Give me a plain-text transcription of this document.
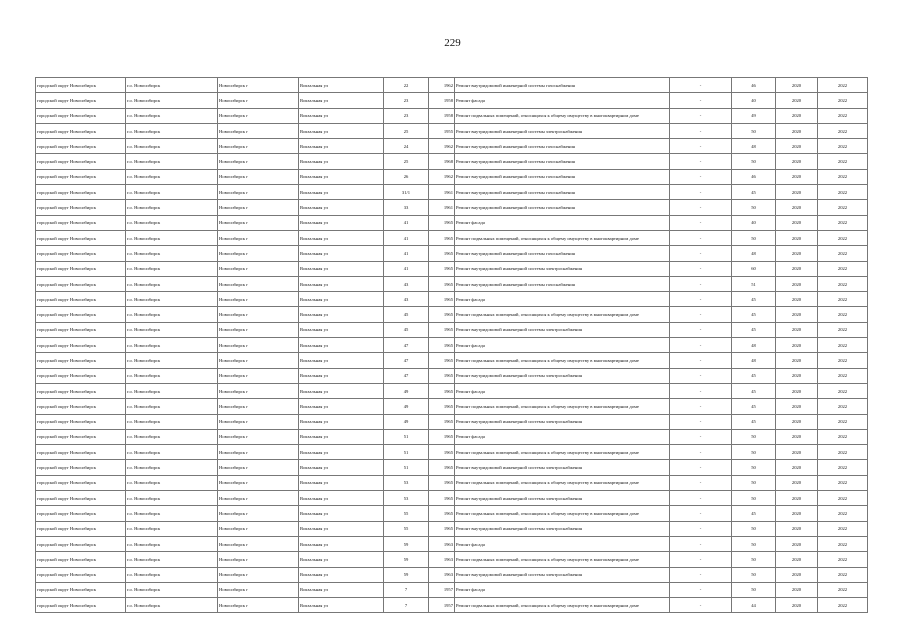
229
городской округ Новосибирск	г.о. Новосибирск	Новосибирск г	Вокзальная ул	22	1962	Ремонт внутридомовой инженерной системы газоснабжения	-	46	2020	2022
городской округ Новосибирск	г.о. Новосибирск	Новосибирск г	Вокзальная ул	23	1958	Ремонт фасада	-	40	2020	2022
городской округ Новосибирск	г.о. Новосибирск	Новосибирск г	Вокзальная ул	23	1958	Ремонт подвальных помещений, относящихся к общему имуществу в многоквартирном доме	-	49	2020	2022
городской округ Новосибирск	г.о. Новосибирск	Новосибирск г	Вокзальная ул	25	1955	Ремонт внутридомовой инженерной системы электроснабжения	-	50	2020	2022
городской округ Новосибирск	г.о. Новосибирск	Новосибирск г	Вокзальная ул	24	1962	Ремонт внутридомовой инженерной системы газоснабжения	-	48	2020	2022
городской округ Новосибирск	г.о. Новосибирск	Новосибирск г	Вокзальная ул	25	1968	Ремонт внутридомовой инженерной системы газоснабжения	-	50	2020	2022
городской округ Новосибирск	г.о. Новосибирск	Новосибирск г	Вокзальная ул	26	1962	Ремонт внутридомовой инженерной системы газоснабжения	-	46	2020	2022
городской округ Новосибирск	г.о. Новосибирск	Новосибирск г	Вокзальная ул	31/1	1961	Ремонт внутридомовой инженерной системы газоснабжения	-	45	2020	2022
городской округ Новосибирск	г.о. Новосибирск	Новосибирск г	Вокзальная ул	33	1961	Ремонт внутридомовой инженерной системы газоснабжения	-	50	2020	2022
городской округ Новосибирск	г.о. Новосибирск	Новосибирск г	Вокзальная ул	41	1965	Ремонт фасада	-	40	2020	2022
городской округ Новосибирск	г.о. Новосибирск	Новосибирск г	Вокзальная ул	41	1965	Ремонт подвальных помещений, относящихся к общему имуществу в многоквартирном доме	-	50	2020	2022
городской округ Новосибирск	г.о. Новосибирск	Новосибирск г	Вокзальная ул	41	1965	Ремонт внутридомовой инженерной системы газоснабжения	-	48	2020	2022
городской округ Новосибирск	г.о. Новосибирск	Новосибирск г	Вокзальная ул	41	1965	Ремонт внутридомовой инженерной системы электроснабжения	-	60	2020	2022
городской округ Новосибирск	г.о. Новосибирск	Новосибирск г	Вокзальная ул	43	1965	Ремонт внутридомовой инженерной системы газоснабжения	-	51	2020	2022
городской округ Новосибирск	г.о. Новосибирск	Новосибирск г	Вокзальная ул	43	1965	Ремонт фасада	-	45	2020	2022
городской округ Новосибирск	г.о. Новосибирск	Новосибирск г	Вокзальная ул	45	1965	Ремонт подвальных помещений, относящихся к общему имуществу в многоквартирном доме	-	45	2020	2022
городской округ Новосибирск	г.о. Новосибирск	Новосибирск г	Вокзальная ул	45	1965	Ремонт внутридомовой инженерной системы электроснабжения	-	45	2020	2022
городской округ Новосибирск	г.о. Новосибирск	Новосибирск г	Вокзальная ул	47	1965	Ремонт фасада	-	48	2020	2022
городской округ Новосибирск	г.о. Новосибирск	Новосибирск г	Вокзальная ул	47	1965	Ремонт подвальных помещений, относящихся к общему имуществу в многоквартирном доме	-	48	2020	2022
городской округ Новосибирск	г.о. Новосибирск	Новосибирск г	Вокзальная ул	47	1965	Ремонт внутридомовой инженерной системы электроснабжения	-	45	2020	2022
городской округ Новосибирск	г.о. Новосибирск	Новосибирск г	Вокзальная ул	49	1965	Ремонт фасада	-	45	2020	2022
городской округ Новосибирск	г.о. Новосибирск	Новосибирск г	Вокзальная ул	49	1965	Ремонт подвальных помещений, относящихся к общему имуществу в многоквартирном доме	-	45	2020	2022
городской округ Новосибирск	г.о. Новосибирск	Новосибирск г	Вокзальная ул	49	1965	Ремонт внутридомовой инженерной системы электроснабжения	-	45	2020	2022
городской округ Новосибирск	г.о. Новосибирск	Новосибирск г	Вокзальная ул	51	1965	Ремонт фасада	-	50	2020	2022
городской округ Новосибирск	г.о. Новосибирск	Новосибирск г	Вокзальная ул	51	1965	Ремонт подвальных помещений, относящихся к общему имуществу в многоквартирном доме	-	50	2020	2022
городской округ Новосибирск	г.о. Новосибирск	Новосибирск г	Вокзальная ул	51	1965	Ремонт внутридомовой инженерной системы электроснабжения	-	50	2020	2022
городской округ Новосибирск	г.о. Новосибирск	Новосибирск г	Вокзальная ул	53	1965	Ремонт подвальных помещений, относящихся к общему имуществу в многоквартирном доме	-	50	2020	2022
городской округ Новосибирск	г.о. Новосибирск	Новосибирск г	Вокзальная ул	53	1965	Ремонт внутридомовой инженерной системы электроснабжения	-	50	2020	2022
городской округ Новосибирск	г.о. Новосибирск	Новосибирск г	Вокзальная ул	55	1965	Ремонт подвальных помещений, относящихся к общему имуществу в многоквартирном доме	-	45	2020	2022
городской округ Новосибирск	г.о. Новосибирск	Новосибирск г	Вокзальная ул	55	1965	Ремонт внутридомовой инженерной системы электроснабжения	-	50	2020	2022
городской округ Новосибирск	г.о. Новосибирск	Новосибирск г	Вокзальная ул	59	1963	Ремонт фасада	-	50	2020	2022
городской округ Новосибирск	г.о. Новосибирск	Новосибирск г	Вокзальная ул	59	1963	Ремонт подвальных помещений, относящихся к общему имуществу в многоквартирном доме	-	50	2020	2022
городской округ Новосибирск	г.о. Новосибирск	Новосибирск г	Вокзальная ул	59	1963	Ремонт внутридомовой инженерной системы электроснабжения	-	50	2020	2022
городской округ Новосибирск	г.о. Новосибирск	Новосибирск г	Вокзальная ул	7	1957	Ремонт фасада	-	50	2020	2022
городской округ Новосибирск	г.о. Новосибирск	Новосибирск г	Вокзальная ул	7	1957	Ремонт подвальных помещений, относящихся к общему имуществу в многоквартирном доме	-	44	2020	2022
